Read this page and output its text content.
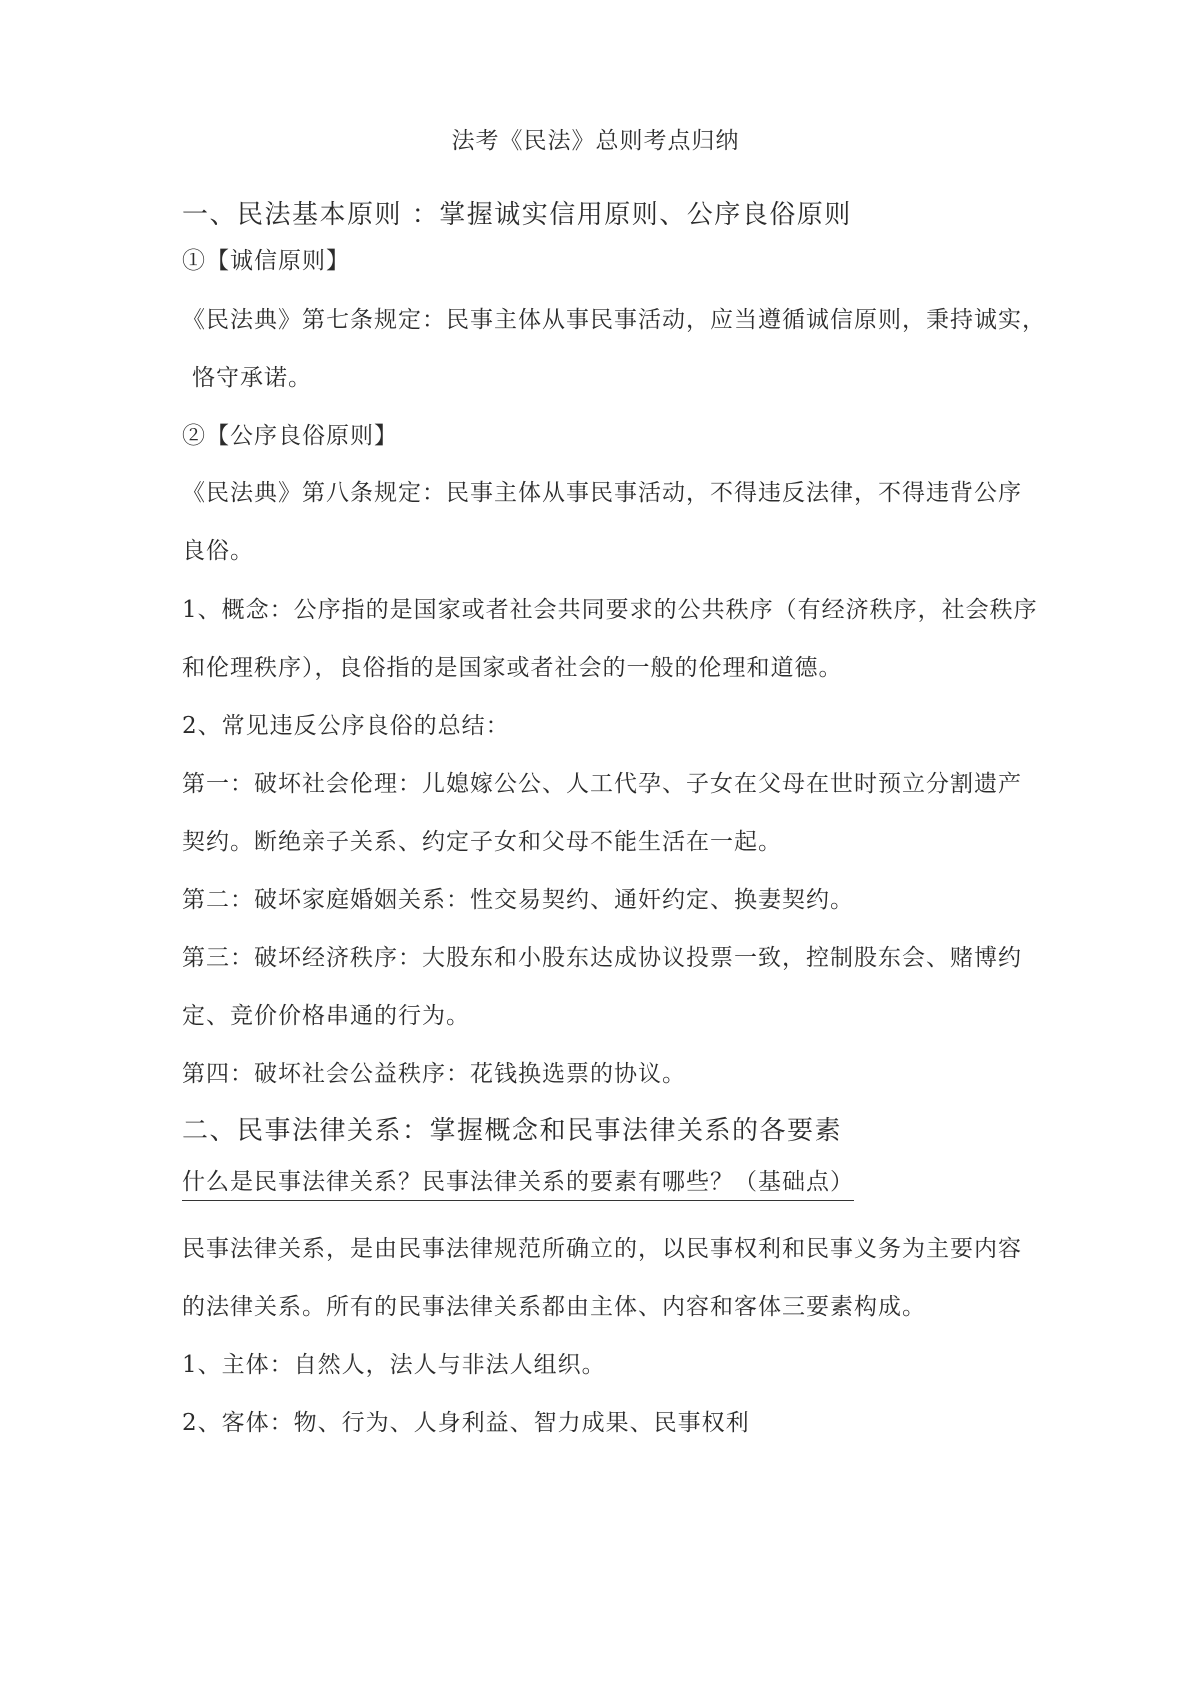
法考《民法》总则考点归纳
一、民法基本原则 ：掌握诚实信用原则、公序良俗原则
①【诚信原则】
《民法典》第七条规定：民事主体从事民事活动，应当遵循诚信原则，秉持诚实，
恪守承诺。
②【公序良俗原则】
《民法典》第八条规定：民事主体从事民事活动，不得违反法律，不得违背公序
良俗。
1、概念：公序指的是国家或者社会共同要求的公共秩序（有经济秩序，社会秩序
和伦理秩序），良俗指的是国家或者社会的一般的伦理和道德。
2、常见违反公序良俗的总结：
第一：破坏社会伦理：儿媳嫁公公、人工代孕、子女在父母在世时预立分割遗产
契约。断绝亲子关系、约定子女和父母不能生活在一起。
第二：破坏家庭婚姻关系：性交易契约、通奸约定、换妻契约。
第三：破坏经济秩序：大股东和小股东达成协议投票一致，控制股东会、赌博约
定、竞价价格串通的行为。
第四：破坏社会公益秩序：花钱换选票的协议。
二、民事法律关系：掌握概念和民事法律关系的各要素
什么是民事法律关系？民事法律关系的要素有哪些？（基础点）
民事法律关系，是由民事法律规范所确立的，以民事权利和民事义务为主要内容
的法律关系。所有的民事法律关系都由主体、内容和客体三要素构成。
1、主体：自然人，法人与非法人组织。
2、客体：物、行为、人身利益、智力成果、民事权利
